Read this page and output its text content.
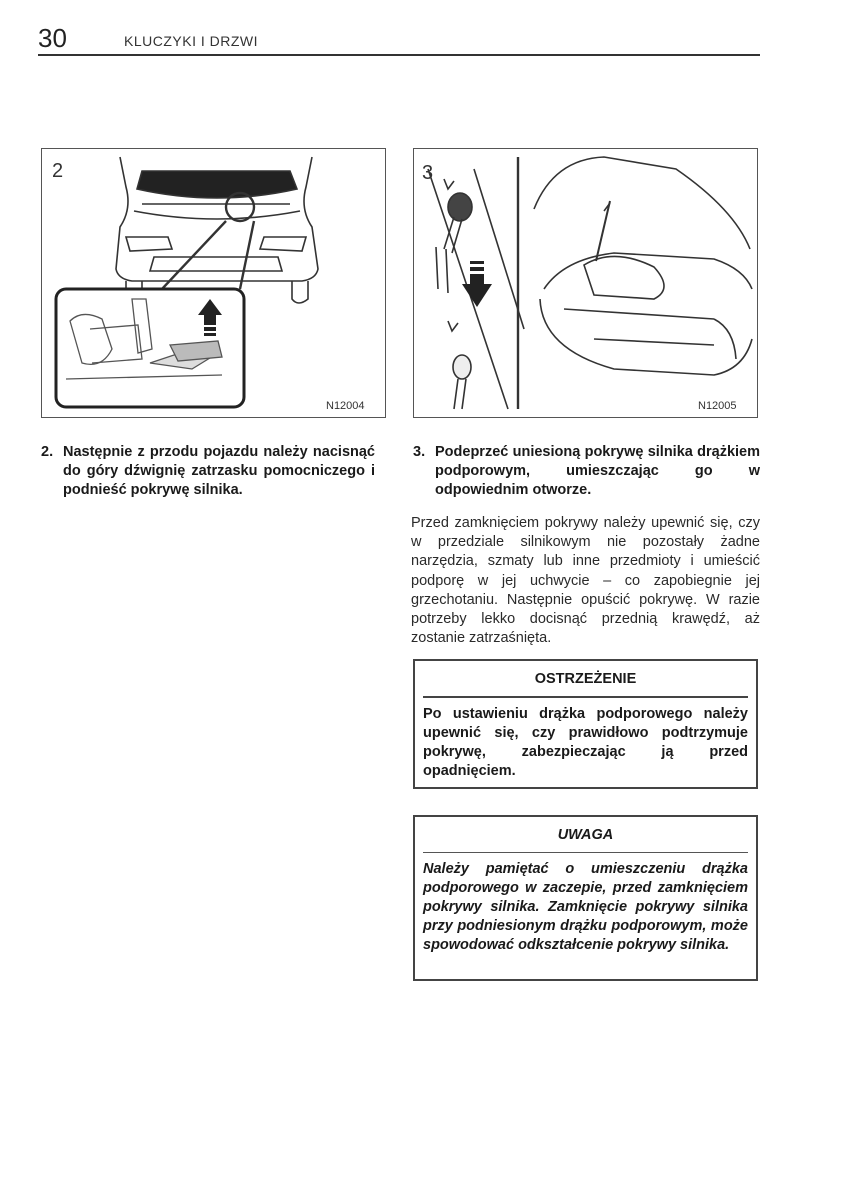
30	KLUCZYKI I DRZWI
2
N12004
3
N12005
2. Następnie z przodu pojazdu należy nacisnąć do góry dźwignię zatrzasku pomocniczego i podnieść pokrywę silnika.
3. Podeprzeć uniesioną pokrywę silnika drążkiem podporowym, umieszczając go w odpowiednim otworze.
Przed zamknięciem pokrywy należy upewnić się, czy w przedziale silnikowym nie pozostały żadne narzędzia, szmaty lub inne przedmioty i umieścić podporę w jej uchwycie – co zapobiegnie jej grzechotaniu. Następnie opuścić pokrywę. W razie potrzeby lekko docisnąć przednią krawędź, aż zostanie zatrzaśnięta.
OSTRZEŻENIE
Po ustawieniu drążka podporowego należy upewnić się, czy prawidłowo podtrzymuje pokrywę, zabezpieczając ją przed opadnięciem.
UWAGA
Należy pamiętać o umieszczeniu drążka podporowego w zaczepie, przed zamknięciem pokrywy silnika. Zamknięcie pokrywy silnika przy podniesionym drążku podporowym, może spowodować odkształcenie pokrywy silnika.
